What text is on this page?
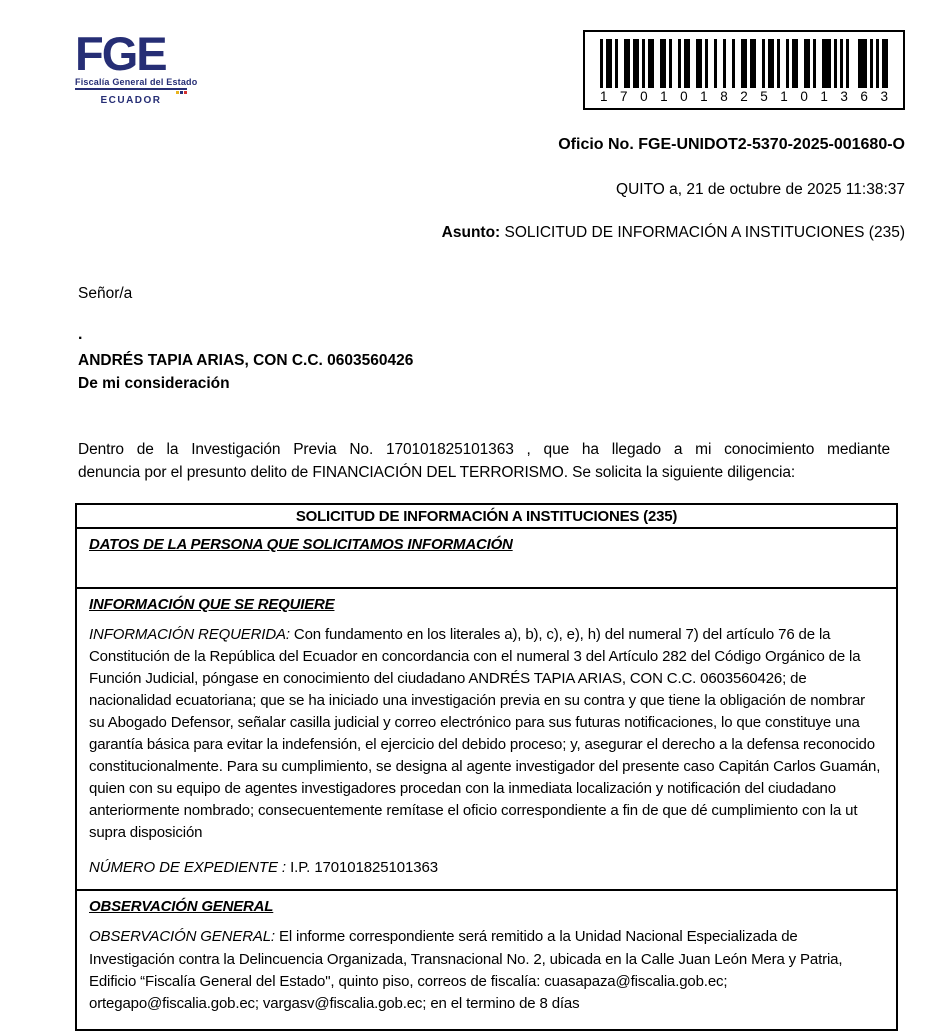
FGE
Fiscalía General del Estado
ECUADOR	1 7 0 1 0 1 8 2 5 1 0 1 3 6 3
Oficio No. FGE-UNIDOT2-5370-2025-001680-O
QUITO a, 21 de octubre de 2025 11:38:37
Asunto: SOLICITUD DE INFORMACIÓN A INSTITUCIONES (235)
Señor/a
.
ANDRÉS TAPIA ARIAS, CON C.C. 0603560426
De mi consideración
Dentro de la Investigación Previa No. 170101825101363 , que ha llegado a mi conocimiento mediante
denuncia por el presunto delito de FINANCIACIÓN DEL TERRORISMO. Se solicita la siguiente diligencia:
SOLICITUD DE INFORMACIÓN A INSTITUCIONES (235)
DATOS DE LA PERSONA QUE SOLICITAMOS INFORMACIÓN
INFORMACIÓN QUE SE REQUIERE

INFORMACIÓN REQUERIDA: Con fundamento en los literales a), b), c), e), h) del numeral 7) del artículo 76 de la Constitución de la República del Ecuador en concordancia con el numeral 3 del Artículo 282 del Código Orgánico de la Función Judicial, póngase en conocimiento del ciudadano ANDRÉS TAPIA ARIAS, CON C.C. 0603560426; de nacionalidad ecuatoriana; que se ha iniciado una investigación previa en su contra y que tiene la obligación de nombrar su Abogado Defensor, señalar casilla judicial y correo electrónico para sus futuras notificaciones, lo que constituye una garantía básica para evitar la indefensión, el ejercicio del debido proceso; y, asegurar el derecho a la defensa reconocido constitucionalmente. Para su cumplimiento, se designa al agente investigador del presente caso Capitán Carlos Guamán, quien con su equipo de agentes investigadores procedan con la inmediata localización y notificación del ciudadano anteriormente nombrado; consecuentemente remítase el oficio correspondiente a fin de que dé cumplimiento con la ut supra disposición

NÚMERO DE EXPEDIENTE : I.P. 170101825101363

OBSERVACIÓN GENERAL

OBSERVACIÓN GENERAL: El informe correspondiente será remitido a la Unidad Nacional Especializada de Investigación contra la Delincuencia Organizada, Transnacional No. 2, ubicada en la Calle Juan León Mera y Patria, Edificio “Fiscalía General del Estado", quinto piso, correos de fiscalía: cuasapaza@fiscalia.gob.ec; ortegapo@fiscalia.gob.ec; vargasv@fiscalia.gob.ec; en el termino de 8 días
